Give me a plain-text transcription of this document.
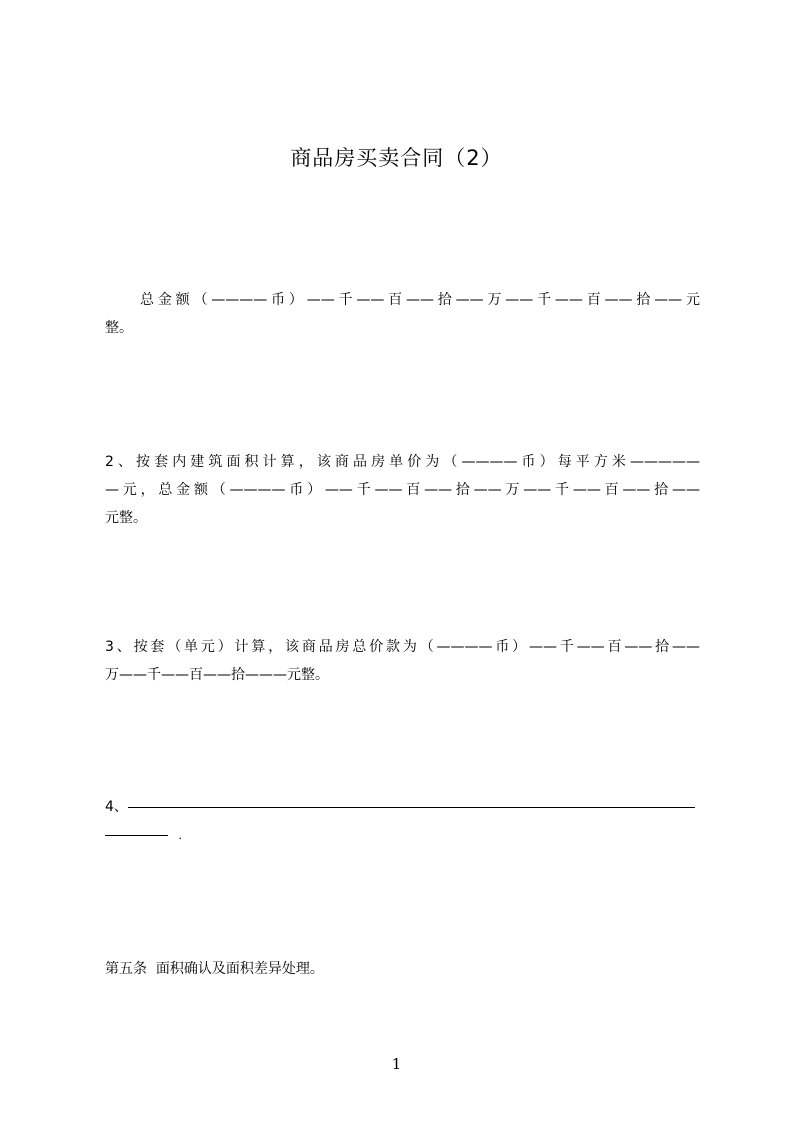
商品房买卖合同（2）
总金额（————币）——千——百——拾——万——千——百——拾——元
整。
2、按套内建筑面积计算，该商品房单价为（————币）每平方米—————
—元，总金额（————币）——千——百——拾——万——千——百——拾——
元整。
3、按套（单元）计算，该商品房总价款为（————币）——千——百——拾——
万——千——百——拾———元整。
4、
.
第五条  面积确认及面积差异处理。
1
